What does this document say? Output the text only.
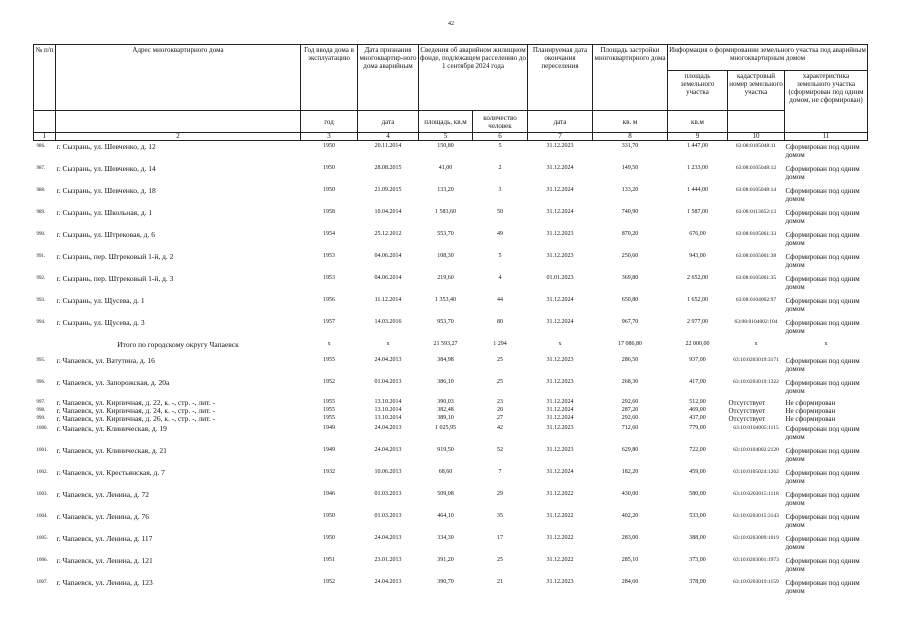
42
№ п/п	Адрес многоквартирного дома	Год ввода дома в эксплуатацию	Дата признания многоквартир-ного дома аварийным	Сведения об аварийном жилищном фонде, подлежащем расселению до 1 сентября 2024 года		Планируемая дата окончания переселения	Площадь застройки многоквартирного дома	Информация о формировании земельного участка под аварийным многоквартирным домом		
								площадь земельного участка	кадастровый номер земельного участка	характеристика земельного участка (сформирован под одним домом, не сформирован)
		год	дата	площадь, кв.м	количество человек	дата	кв. м	кв.м		
1	2	3	4	5	6	7	8	9	10	11
986.	г. Сызрань, ул. Шевченко, д. 12	1950	20.11.2014	150,80	5	31.12.2023	331,70	1 447,00	63:08:0105048:11	Сформирован под одним домом
987.	г. Сызрань, ул. Шевченко, д. 14	1950	28.08.2015	41,00	2	31.12.2024	149,50	1 233,00	63:08:0105048:12	Сформирован под одним домом
988.	г. Сызрань, ул. Шевченко, д. 18	1950	21.09.2015	133,20	3	31.12.2024	133,20	1 444,00	63:08:0105048:14	Сформирован под одним домом
989.	г. Сызрань, ул. Школьная, д. 1	1958	10.04.2014	1 583,60	50	31.12.2024	740,90	1 587,00	63:08:0113052:13	Сформирован под одним домом
990.	г. Сызрань, ул. Штрековая, д. 6	1954	25.12.2012	553,70	49	31.12.2023	870,20	676,00	63:08:0105061:33	Сформирован под одним домом
991.	г. Сызрань, пер. Штрековый 1-й, д. 2	1953	04.06.2014	108,30	5	31.12.2023	250,60	943,00	63:08:0105061:38	Сформирован под одним домом
992.	г. Сызрань, пер. Штрековый 1-й, д. 3	1953	04.06.2014	219,60	4	01.01.2023	369,80	2 652,00	63:08:0105061:35	Сформирован под одним домом
993.	г. Сызрань, ул. Щусева, д. 1	1956	11.12.2014	1 353,40	44	31.12.2024	650,80	1 652,00	63:08:0104002:97	Сформирован под одним домом
994.	г. Сызрань, ул. Щусева, д. 3	1957	14.03.2016	953,70	80	31.12.2024	967,70	2 977,00	63:08:0104002:104	Сформирован под одним домом
	Итого по городскому округу Чапаевск	x	x	21 593,27	1 294	x	17 086,80	22 000,00	x	x
995.	г. Чапаевск, ул. Ватутина, д. 16	1955	24.04.2013	384,98	25	31.12.2023	286,50	937,00	63:10:0203019:3171	Сформирован под одним домом
996.	г. Чапаевск, ул. Запорожская, д. 20а	1952	01.04.2013	386,10	25	31.12.2023	268,30	417,00	63:10:0203019:1322	Сформирован под одним домом
997.	г. Чапаевск, ул. Кирпичная, д. 22, к. -, стр. -, лит. -	1955	13.10.2014	390,03	23	31.12.2024	292,60	512,00	Отсутствует	Не сформирован
998.	г. Чапаевск, ул. Кирпичная, д. 24, к. -, стр. -, лит. -	1955	13.10.2014	382,48	20	31.12.2024	287,20	469,00	Отсутствует	Не сформирован
999.	г. Чапаевск, ул. Кирпичная, д. 26, к. -, стр. -, лит. -	1955	13.10.2014	389,10	27	31.12.2024	292,60	437,00	Отсутствует	Не сформирован
1000.	г. Чапаевск, ул. Клиническая, д. 19	1949	24.04.2013	1 025,95	42	31.12.2023	712,60	779,00	63:10:0104005:1115	Сформирован под одним домом
1001.	г. Чапаевск, ул. Клиническая, д. 21	1949	24.04.2013	919,50	52	31.12.2023	629,80	722,00	63:10:0104002:2120	Сформирован под одним домом
1002.	г. Чапаевск, ул. Крестьянская, д. 7	1932	10.06.2013	68,60	7	31.12.2024	182,20	459,00	63:10:0105024:1262	Сформирован под одним домом
1003.	г. Чапаевск, ул. Ленина, д. 72	1946	01.03.2013	509,08	29	31.12.2022	430,00	580,00	63:10:0203015:1118	Сформирован под одним домом
1004.	г. Чапаевск, ул. Ленина, д. 76	1950	01.03.2013	464,10	35	31.12.2022	402,20	533,00	63:10:0203015:3143	Сформирован под одним домом
1005.	г. Чапаевск, ул. Ленина, д. 117	1950	24.04.2013	334,30	17	31.12.2022	283,00	388,00	63:10:0203009:1019	Сформирован под одним домом
1006.	г. Чапаевск, ул. Ленина, д. 121	1951	23.01.2013	391,20	25	31.12.2022	285,10	373,00	63:10:0203001:1973	Сформирован под одним домом
1007.	г. Чапаевск, ул. Ленина, д. 123	1952	24.04.2013	390,70	21	31.12.2023	284,60	378,00	63:10:0203019:1159	Сформирован под одним домом
